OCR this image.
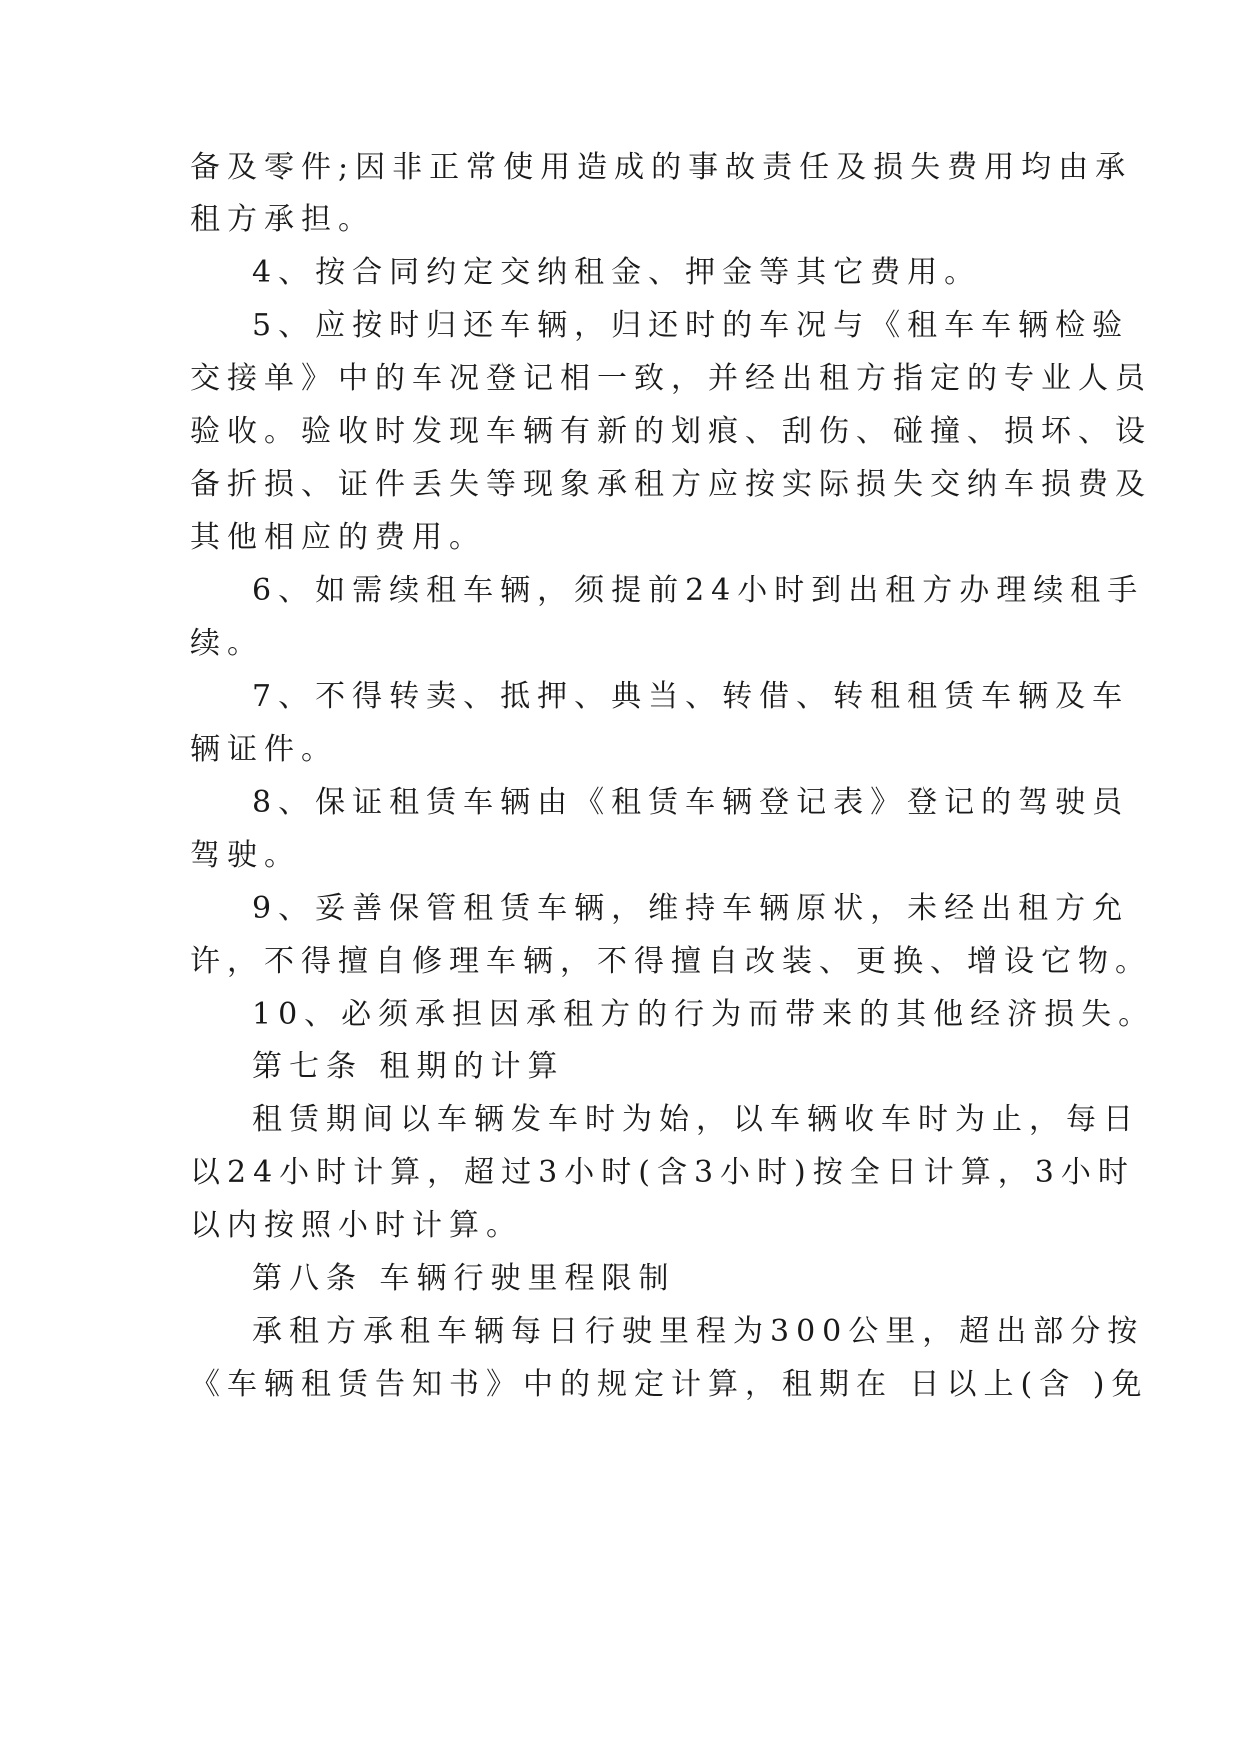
备及零件;因非正常使用造成的事故责任及损失费用均由承
租方承担。
4、按合同约定交纳租金、押金等其它费用。
5、应按时归还车辆，归还时的车况与《租车车辆检验
交接单》中的车况登记相一致，并经出租方指定的专业人员
验收。验收时发现车辆有新的划痕、刮伤、碰撞、损坏、设
备折损、证件丢失等现象承租方应按实际损失交纳车损费及
其他相应的费用。
6、如需续租车辆，须提前24小时到出租方办理续租手
续。
7、不得转卖、抵押、典当、转借、转租租赁车辆及车
辆证件。
8、保证租赁车辆由《租赁车辆登记表》登记的驾驶员
驾驶。
9、妥善保管租赁车辆，维持车辆原状，未经出租方允
许，不得擅自修理车辆，不得擅自改装、更换、增设它物。
10、必须承担因承租方的行为而带来的其他经济损失。
第七条 租期的计算
租赁期间以车辆发车时为始，以车辆收车时为止，每日
以24小时计算，超过3小时(含3小时)按全日计算，3小时
以内按照小时计算。
第八条 车辆行驶里程限制
承租方承租车辆每日行驶里程为300公里，超出部分按
《车辆租赁告知书》中的规定计算，租期在 日以上(含 )免
